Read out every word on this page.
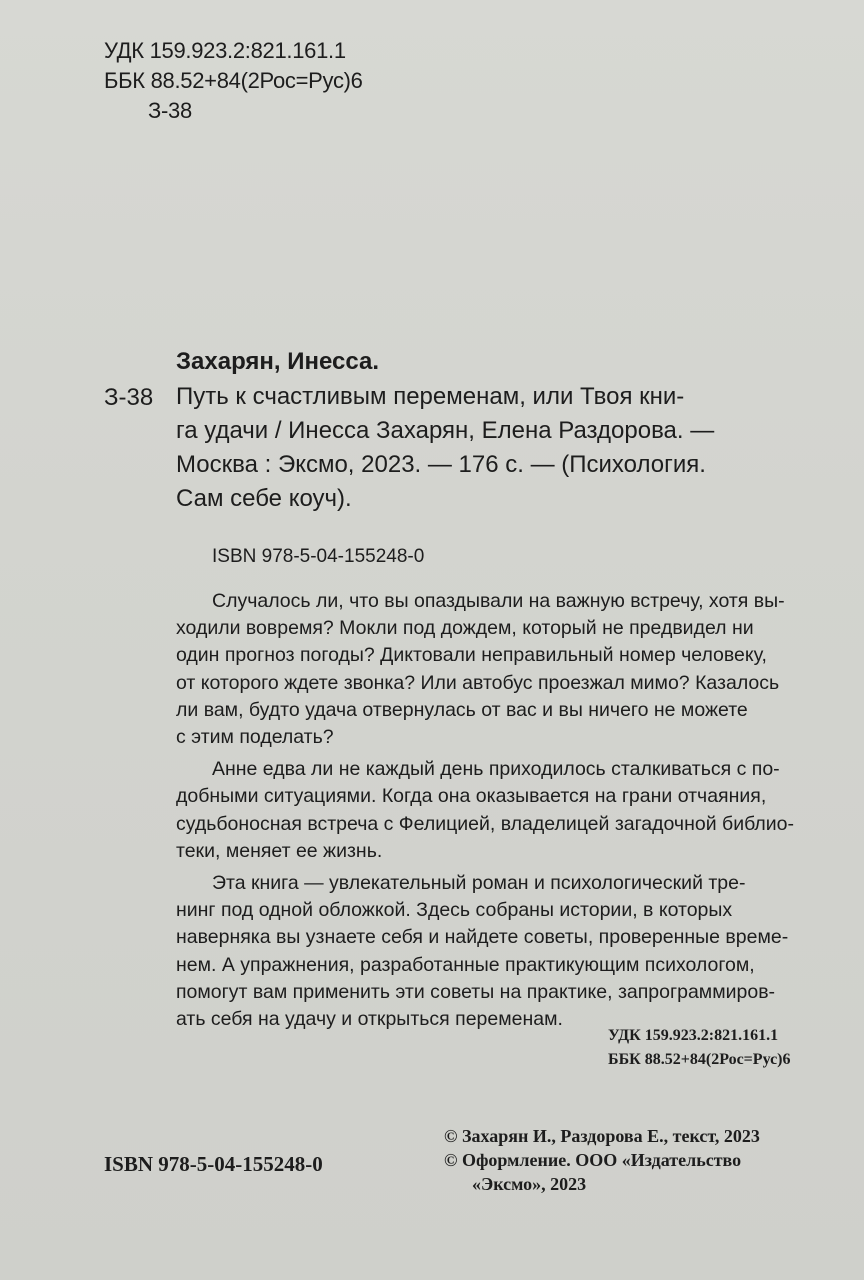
УДК 159.923.2:821.161.1
ББК 88.52+84(2Рос=Рус)6
З-38
Захарян, Инесса.
З-38 Путь к счастливым переменам, или Твоя кни-
га удачи / Инесса Захарян, Елена Раздорова. —
Москва : Эксмо, 2023. — 176 с. — (Психология.
Сам себе коуч).
ISBN 978-5-04-155248-0
Случалось ли, что вы опаздывали на важную встречу, хотя вы-
ходили вовремя? Мокли под дождем, который не предвидел ни
один прогноз погоды? Диктовали неправильный номер человеку,
от которого ждете звонка? Или автобус проезжал мимо? Казалось
ли вам, будто удача отвернулась от вас и вы ничего не можете
с этим поделать?
Анне едва ли не каждый день приходилось сталкиваться с по-
добными ситуациями. Когда она оказывается на грани отчаяния,
судьбоносная встреча с Фелицией, владелицей загадочной библио-
теки, меняет ее жизнь.
Эта книга — увлекательный роман и психологический тре-
нинг под одной обложкой. Здесь собраны истории, в которых
наверняка вы узнаете себя и найдете советы, проверенные време-
нем. А упражнения, разработанные практикующим психологом,
помогут вам применить эти советы на практике, запрограммиров-
ать себя на удачу и открыться переменам.
УДК 159.923.2:821.161.1
ББК 88.52+84(2Рос=Рус)6
ISBN 978-5-04-155248-0
© Захарян И., Раздорова Е., текст, 2023
© Оформление. ООО «Издательство
«Эксмо», 2023
